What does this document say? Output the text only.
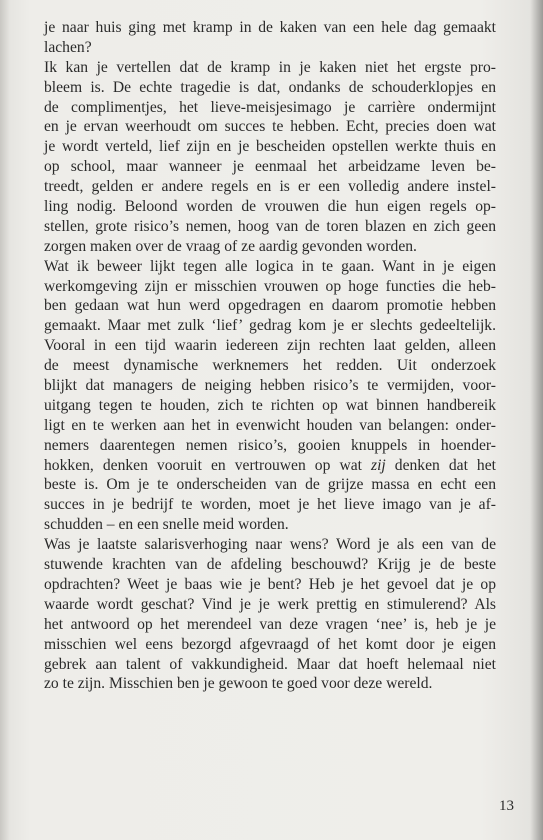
je naar huis ging met kramp in de kaken van een hele dag gemaakt
lachen?
Ik kan je vertellen dat de kramp in je kaken niet het ergste pro-
bleem is. De echte tragedie is dat, ondanks de schouderklopjes en
de complimentjes, het lieve-meisjesimago je carrière ondermijnt
en je ervan weerhoudt om succes te hebben. Echt, precies doen wat
je wordt verteld, lief zijn en je bescheiden opstellen werkte thuis en
op school, maar wanneer je eenmaal het arbeidzame leven be-
treedt, gelden er andere regels en is er een volledig andere instel-
ling nodig. Beloond worden de vrouwen die hun eigen regels op-
stellen, grote risico’s nemen, hoog van de toren blazen en zich geen
zorgen maken over de vraag of ze aardig gevonden worden.
Wat ik beweer lijkt tegen alle logica in te gaan. Want in je eigen
werkomgeving zijn er misschien vrouwen op hoge functies die heb-
ben gedaan wat hun werd opgedragen en daarom promotie hebben
gemaakt. Maar met zulk ‘lief’ gedrag kom je er slechts gedeeltelijk.
Vooral in een tijd waarin iedereen zijn rechten laat gelden, alleen
de meest dynamische werknemers het redden. Uit onderzoek
blijkt dat managers de neiging hebben risico’s te vermijden, voor-
uitgang tegen te houden, zich te richten op wat binnen handbereik
ligt en te werken aan het in evenwicht houden van belangen: onder-
nemers daarentegen nemen risico’s, gooien knuppels in hoender-
hokken, denken vooruit en vertrouwen op wat zij denken dat het
beste is. Om je te onderscheiden van de grijze massa en echt een
succes in je bedrijf te worden, moet je het lieve imago van je af-
schudden – en een snelle meid worden.
Was je laatste salarisverhoging naar wens? Word je als een van de
stuwende krachten van de afdeling beschouwd? Krijg je de beste
opdrachten? Weet je baas wie je bent? Heb je het gevoel dat je op
waarde wordt geschat? Vind je je werk prettig en stimulerend? Als
het antwoord op het merendeel van deze vragen ‘nee’ is, heb je je
misschien wel eens bezorgd afgevraagd of het komt door je eigen
gebrek aan talent of vakkundigheid. Maar dat hoeft helemaal niet
zo te zijn. Misschien ben je gewoon te goed voor deze wereld.
13
